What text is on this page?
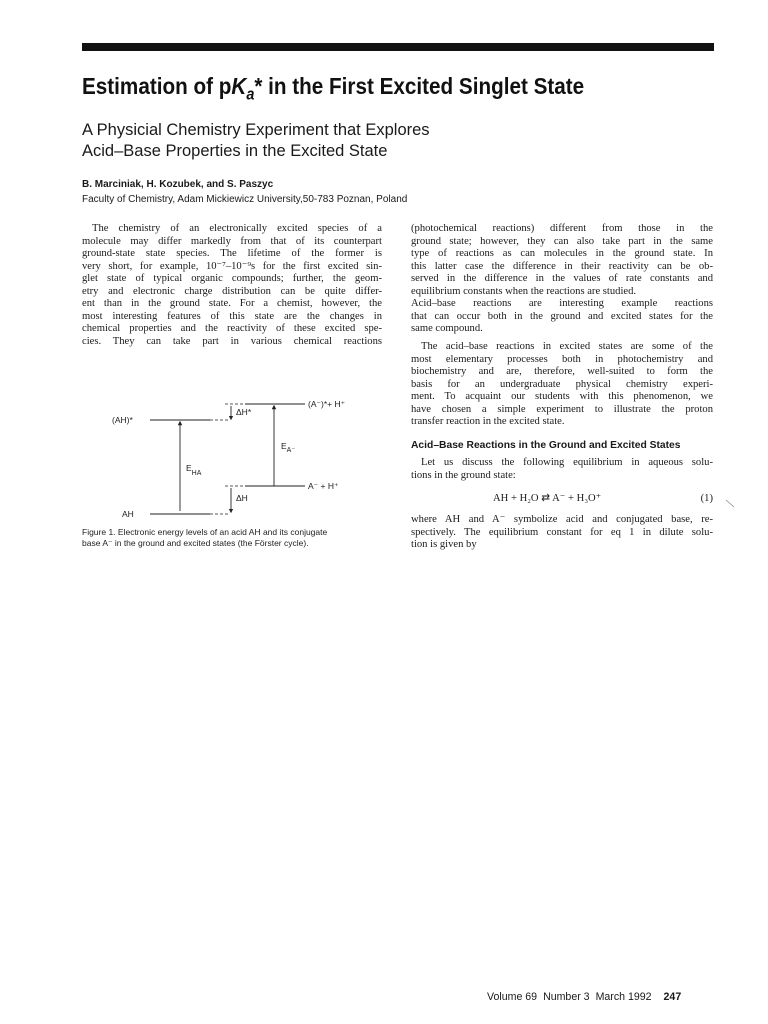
Estimation of $pK_a*$ in the First Excited Singlet State
A Physicial Chemistry Experiment that Explores
Acid–Base Properties in the Excited State
B. Marciniak, H. Kozubek, and S. Paszyc
Faculty of Chemistry, Adam Mickiewicz University,50-783 Poznan, Poland
The chemistry of an electronically excited species of a
molecule may differ markedly from that of its counterpart
ground-state state species. The lifetime of the former is
very short, for example, 10⁻⁷–10⁻⁹s for the first excited sin-
glet state of typical organic compounds; further, the geom-
etry and electronic charge distribution can be quite differ-
ent than in the ground state. For a chemist, however, the
most interesting features of this state are the changes in
chemical properties and the reactivity of these excited spe-
cies. They can take part in various chemical reactions
(AH)*
(A⁻)*+ H⁺
ΔH*
$E_{A^-}$
$E_{HA}$
A⁻ + H⁺
ΔH
AH
Figure 1. Electronic energy levels of an acid AH and its conjugate
base A⁻ in the ground and excited states (the Förster cycle).
(photochemical reactions) different from those in the
ground state; however, they can also take part in the same
type of reactions as can molecules in the ground state. In
this latter case the difference in their reactivity can be ob-
served in the difference in the values of rate constants and
equilibrium constants when the reactions are studied.
Acid–base reactions are interesting example reactions
that can occur both in the ground and excited states for the
same compound.
The acid–base reactions in excited states are some of the
most elementary processes both in photochemistry and
biochemistry and are, therefore, well-suited to form the
basis for an undergraduate physical chemistry experi-
ment. To acquaint our students with this phenomenon, we
have chosen a simple experiment to illustrate the proton
transfer reaction in the excited state.
Acid–Base Reactions in the Ground and Excited States
Let us discuss the following equilibrium in aqueous solu-
tions in the ground state:
AH + H₂O ⇄ A⁻ + H₃O⁺	(1)
where AH and A⁻ symbolize acid and conjugated base, re-
spectively. The equilibrium constant for eq 1 in dilute solu-
tion is given by
Volume 69 Number 3 March 1992 247
